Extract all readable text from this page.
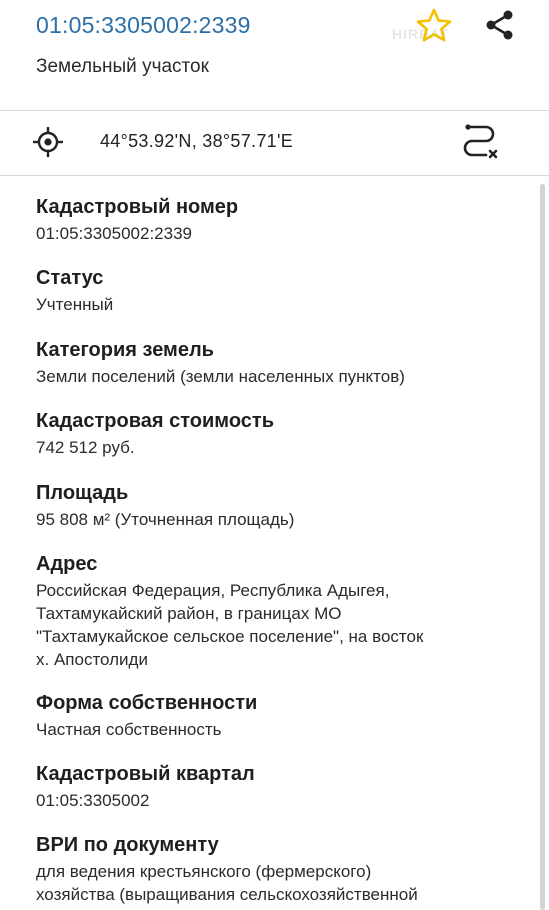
01:05:3305002:2339
Земельный участок
HIREAT
44°53.92'N, 38°57.71'E
Кадастровый номер
01:05:3305002:2339
Статус
Учтенный
Категория земель
Земли поселений (земли населенных пунктов)
Кадастровая стоимость
742 512 руб.
Площадь
95 808 м² (Уточненная площадь)
Адрес
Российская Федерация, Республика Адыгея,
Тахтамукайский район, в границах МО
"Тахтамукайское сельское поселение", на восток
х. Апостолиди
Форма собственности
Частная собственность
Кадастровый квартал
01:05:3305002
ВРИ по документу
для ведения крестьянского (фермерского)
хозяйства (выращивания сельскохозяйственной
